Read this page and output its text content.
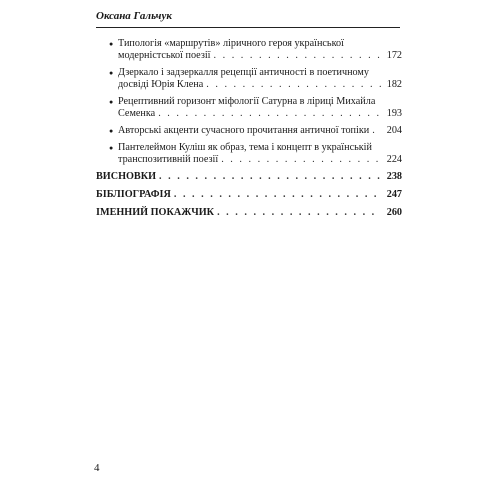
Оксана Гальчук
● Типологія «маршрутів» ліричного героя української
модерністської поезії . . .	172
● Дзеркало і задзеркалля рецепції античності в поетичному
досвіді Юрія Клена . . .	182
● Рецептивний горизонт міфології Сатурна в ліриці Михайла
Семенка . . .	193
● Авторські акценти сучасного прочитання античної топіки . . . 204
● Пантелеймон Куліш як образ, тема і концепт в українській
транспозитивній поезії . . .	224
ВИСНОВКИ . . .	238
БІБЛІОГРАФІЯ . . .	247
ІМЕННИЙ ПОКАЖЧИК . . .	260
4
